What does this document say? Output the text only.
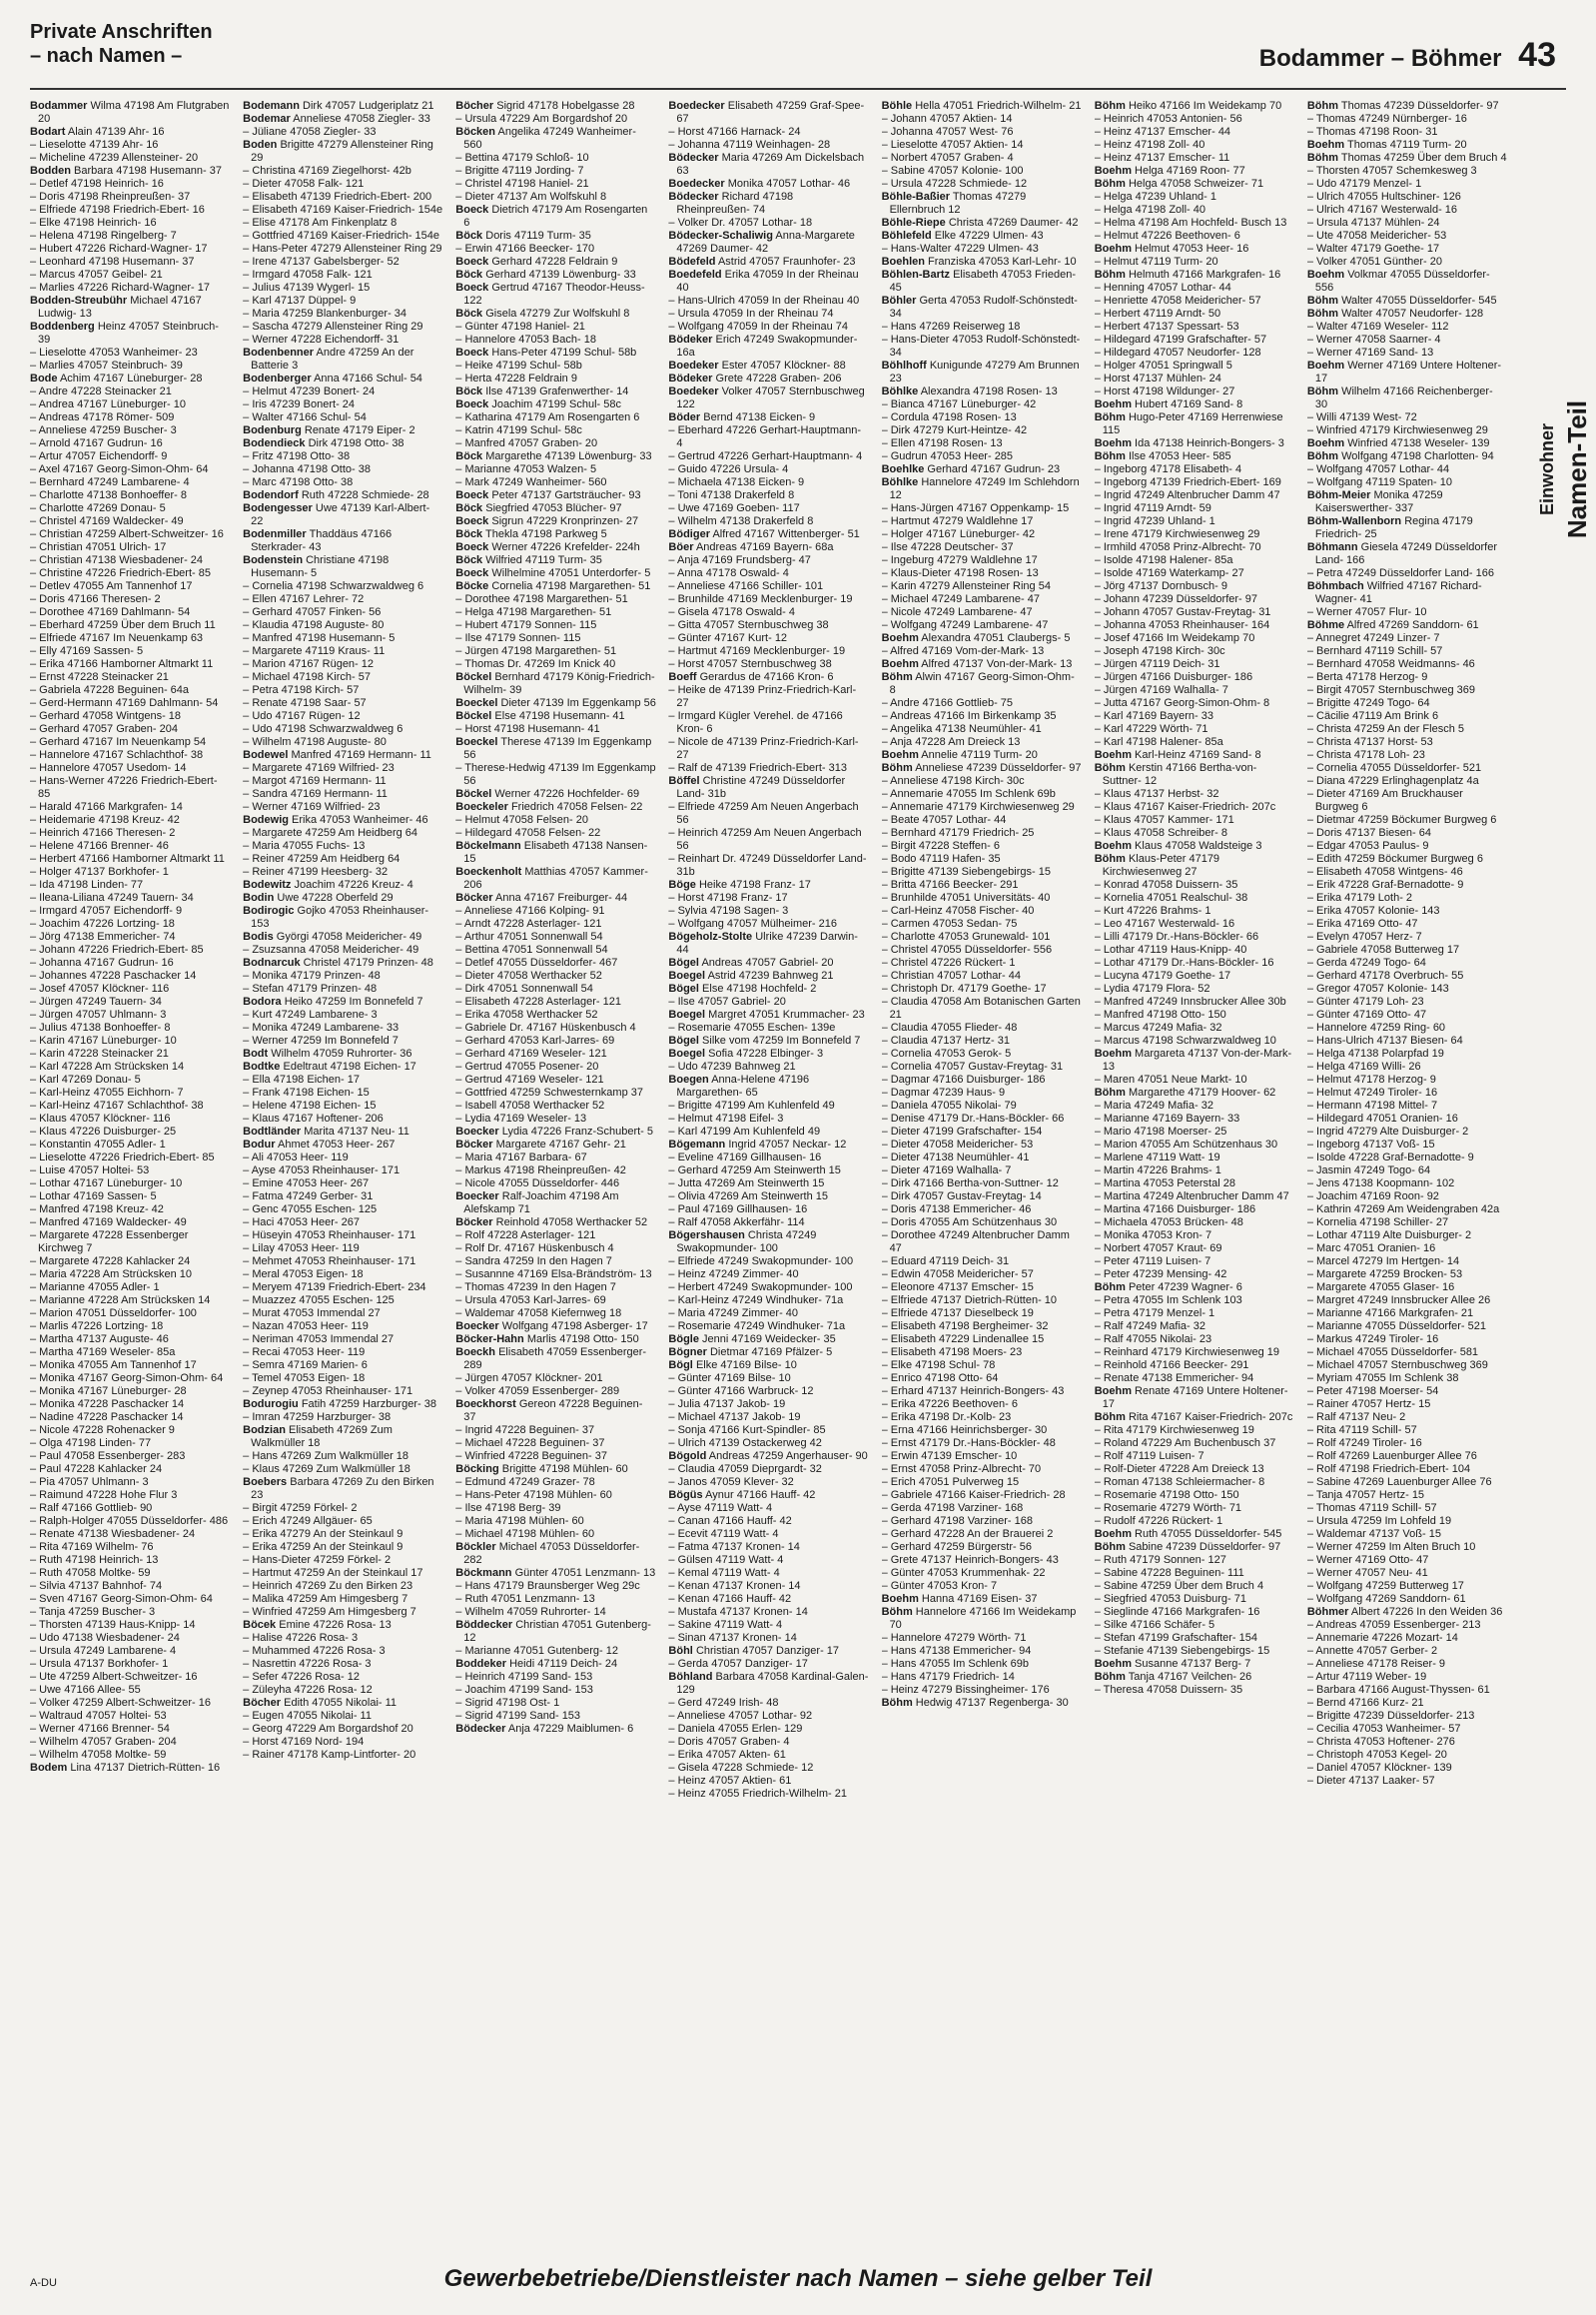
Private Anschriften
– nach Namen –	Bodammer – Böhmer 43
Bodammer Wilma 47198 Am Flutgraben 20
Bodart Alain 47139 Ahr- 16
– Lieselotte 47139 Ahr- 16
– Micheline 47239 Allensteiner- 20
Bodden Barbara 47198 Husemann- 37
– Detlef 47198 Heinrich- 16
– Doris 47198 Rheinpreußen- 37
– Elfriede 47198 Friedrich-Ebert- 16
– Elke 47198 Heinrich- 16
– Helena 47198 Ringelberg- 7
– Hubert 47226 Richard-Wagner- 17
– Leonhard 47198 Husemann- 37
– Marcus 47057 Geibel- 21
– Marlies 47226 Richard-Wagner- 17
Bodden-Streubühr Michael 47167 Ludwig- 13
Boddenberg Heinz 47057 Steinbruch- 39
– Lieselotte 47053 Wanheimer- 23
– Marlies 47057 Steinbruch- 39
Bode Achim 47167 Lüneburger- 28
– Andre 47228 Steinacker 21
– Andrea 47167 Lüneburger- 10
– Andreas 47178 Römer- 509
– Anneliese 47259 Buscher- 3
– Arnold 47167 Gudrun- 16
– Artur 47057 Eichendorff- 9
– Axel 47167 Georg-Simon-Ohm- 64
– Bernhard 47249 Lambarene- 4
– Charlotte 47138 Bonhoeffer- 8
– Charlotte 47269 Donau- 5
– Christel 47169 Waldecker- 49
– Christian 47259 Albert-Schweitzer- 16
– Christian 47051 Ulrich- 17
– Christian 47138 Wiesbadener- 24
– Christine 47226 Friedrich-Ebert- 85
– Detlev 47055 Am Tannenhof 17
– Doris 47166 Theresen- 2
– Dorothee 47169 Dahlmann- 54
– Eberhard 47259 Über dem Bruch 11
– Elfriede 47167 Im Neuenkamp 63
– Elly 47169 Sassen- 5
– Erika 47166 Hamborner Altmarkt 11
– Ernst 47228 Steinacker 21
– Gabriela 47228 Beguinen- 64a
– Gerd-Hermann 47169 Dahlmann- 54
– Gerhard 47058 Wintgens- 18
– Gerhard 47057 Graben- 204
– Gerhard 47167 Im Neuenkamp 54
– Hannelore 47167 Schlachthof- 38
– Hannelore 47057 Usedom- 14
– Hans-Werner 47226 Friedrich-Ebert- 85
– Harald 47166 Markgrafen- 14
– Heidemarie 47198 Kreuz- 42
– Heinrich 47166 Theresen- 2
– Helene 47166 Brenner- 46
– Herbert 47166 Hamborner Altmarkt 11
– Holger 47137 Borkhofer- 1
– Ida 47198 Linden- 77
– Ileana-Liliana 47249 Tauern- 34
– Irmgard 47057 Eichendorff- 9
– Joachim 47226 Lortzing- 18
– Jörg 47138 Emmericher- 74
– Johann 47226 Friedrich-Ebert- 85
– Johanna 47167 Gudrun- 16
– Johannes 47228 Paschacker 14
– Josef 47057 Klöckner- 116
– Jürgen 47249 Tauern- 34
– Jürgen 47057 Uhlmann- 3
– Julius 47138 Bonhoeffer- 8
– Karin 47167 Lüneburger- 10
– Karin 47228 Steinacker 21
– Karl 47228 Am Strücksken 14
– Karl 47269 Donau- 5
– Karl-Heinz 47055 Eichhorn- 7
– Karl-Heinz 47167 Schlachthof- 38
– Klaus 47057 Klöckner- 116
– Klaus 47226 Duisburger- 25
– Konstantin 47055 Adler- 1
– Lieselotte 47226 Friedrich-Ebert- 85
– Luise 47057 Holtei- 53
– Lothar 47167 Lüneburger- 10
– Lothar 47169 Sassen- 5
– Manfred 47198 Kreuz- 42
– Manfred 47169 Waldecker- 49
– Margarete 47228 Essenberger Kirchweg 7
– Margarete 47228 Kahlacker 24
– Maria 47228 Am Strücksken 10
– Marianne 47055 Adler- 1
– Marianne 47228 Am Strücksken 14
– Marion 47051 Düsseldorfer- 100
– Marlis 47226 Lortzing- 18
– Martha 47137 Auguste- 46
– Martha 47169 Weseler- 85a
– Monika 47055 Am Tannenhof 17
– Monika 47167 Georg-Simon-Ohm- 64
– Monika 47167 Lüneburger- 28
– Monika 47228 Paschacker 14
– Nadine 47228 Paschacker 14
– Nicole 47228 Rohenacker 9
– Olga 47198 Linden- 77
– Paul 47058 Essenberger- 283
– Paul 47228 Kahlacker 24
– Pia 47057 Uhlmann- 3
– Raimund 47228 Hohe Flur 3
– Ralf 47166 Gottlieb- 90
– Ralph-Holger 47055 Düsseldorfer- 486
– Renate 47138 Wiesbadener- 24
– Rita 47169 Wilhelm- 76
– Ruth 47198 Heinrich- 13
– Ruth 47058 Moltke- 59
– Silvia 47137 Bahnhof- 74
– Sven 47167 Georg-Simon-Ohm- 64
– Tanja 47259 Buscher- 3
– Thorsten 47139 Haus-Knipp- 14
– Udo 47138 Wiesbadener- 24
– Ursula 47249 Lambarene- 4
– Ursula 47137 Borkhofer- 1
– Ute 47259 Albert-Schweitzer- 16
– Uwe 47166 Allee- 55
– Volker 47259 Albert-Schweitzer- 16
– Waltraud 47057 Holtei- 53
– Werner 47166 Brenner- 54
– Wilhelm 47057 Graben- 204
– Wilhelm 47058 Moltke- 59
Bodem Lina 47137 Dietrich-Rütten- 16
Bodemann Dirk 47057 Ludgeriplatz 21
Bodemar Anneliese 47058 Ziegler- 33
– Jüliane 47058 Ziegler- 33
Boden Brigitte 47279 Allensteiner Ring 29
– Christina 47169 Ziegelhorst- 42b
– Dieter 47058 Falk- 121
– Elisabeth 47139 Friedrich-Ebert- 200
– Elisabeth 47169 Kaiser-Friedrich- 154e
– Elise 47178 Am Finkenplatz 8
– Gottfried 47169 Kaiser-Friedrich- 154e
– Hans-Peter 47279 Allensteiner Ring 29
– Irene 47137 Gabelsberger- 52
– Irmgard 47058 Falk- 121
– Julius 47139 Wygerl- 15
– Karl 47137 Düppel- 9
– Maria 47259 Blankenburger- 34
– Sascha 47279 Allensteiner Ring 29
– Werner 47228 Eichendorff- 31
Bodenbenner Andre 47259 An der Batterie 3
Bodenberger Anna 47166 Schul- 54
– Helmut 47239 Bonert- 24
– Iris 47239 Bonert- 24
– Walter 47166 Schul- 54
Bodenburg Renate 47179 Eiper- 2
Bodendieck Dirk 47198 Otto- 38
– Fritz 47198 Otto- 38
– Johanna 47198 Otto- 38
– Marc 47198 Otto- 38
Bodendorf Ruth 47228 Schmiede- 28
Bodengesser Uwe 47139 Karl-Albert- 22
Bodenmiller Thaddäus 47166 Sterkrader- 43
Bodenstein Christiane 47198 Husemann- 5
– Cornelia 47198 Schwarzwaldweg 6
– Ellen 47167 Lehrer- 72
– Gerhard 47057 Finken- 56
– Klaudia 47198 Auguste- 80
– Manfred 47198 Husemann- 5
– Margarete 47119 Kraus- 11
– Marion 47167 Rügen- 12
– Michael 47198 Kirch- 57
– Petra 47198 Kirch- 57
– Renate 47198 Saar- 57
– Udo 47167 Rügen- 12
– Udo 47198 Schwarzwaldweg 6
– Wilhelm 47198 Auguste- 80
Bodewel Manfred 47169 Hermann- 11
– Margarete 47169 Wilfried- 23
– Margot 47169 Hermann- 11
– Sandra 47169 Hermann- 11
– Werner 47169 Wilfried- 23
Bodewig Erika 47053 Wanheimer- 46
– Margarete 47259 Am Heidberg 64
– Maria 47055 Fuchs- 13
– Reiner 47259 Am Heidberg 64
– Reiner 47199 Heesberg- 32
Bodewitz Joachim 47226 Kreuz- 4
Bodin Uwe 47228 Oberfeld 29
Bodirogic Gojko 47053 Rheinhauser- 153
Bodis Györgi 47058 Meidericher- 49
– Zsuzsanna 47058 Meidericher- 49
Bodnarcuk Christel 47179 Prinzen- 48
– Monika 47179 Prinzen- 48
– Stefan 47179 Prinzen- 48
Bodora Heiko 47259 Im Bonnefeld 7
– Kurt 47249 Lambarene- 3
– Monika 47249 Lambarene- 33
– Werner 47259 Im Bonnefeld 7
Bodt Wilhelm 47059 Ruhrorter- 36
Bodtke Edeltraut 47198 Eichen- 17
– Ella 47198 Eichen- 17
– Frank 47198 Eichen- 15
– Helene 47198 Eichen- 15
– Klaus 47167 Hoftener- 206
Bodtländer Marita 47137 Neu- 11
Bodur Ahmet 47053 Heer- 267
– Ali 47053 Heer- 119
– Ayse 47053 Rheinhauser- 171
– Emine 47053 Heer- 267
– Fatma 47249 Gerber- 31
– Genc 47055 Eschen- 125
– Haci 47053 Heer- 267
– Hüseyin 47053 Rheinhauser- 171
– Lilay 47053 Heer- 119
– Mehmet 47053 Rheinhauser- 171
– Meral 47053 Eigen- 18
– Meryem 47139 Friedrich-Ebert- 234
– Muazzez 47055 Eschen- 125
– Murat 47053 Immendal 27
– Nazan 47053 Heer- 119
– Neriman 47053 Immendal 27
– Recai 47053 Heer- 119
– Semra 47169 Marien- 6
– Temel 47053 Eigen- 18
– Zeynep 47053 Rheinhauser- 171
Bodurogiu Fatih 47259 Harzburger- 38
– Imran 47259 Harzburger- 38
Bodzian Elisabeth 47269 Zum Walkmüller 18
– Hans 47269 Zum Walkmüller 18
– Klaus 47269 Zum Walkmüller 18
Boebers Barbara 47269 Zu den Birken 23
– Birgit 47259 Förkel- 2
– Erich 47249 Allgäuer- 65
– Erika 47279 An der Steinkaul 9
– Erika 47259 An der Steinkaul 9
– Hans-Dieter 47259 Förkel- 2
– Hartmut 47259 An der Steinkaul 17
– Heinrich 47269 Zu den Birken 23
– Malika 47259 Am Himgesberg 7
– Winfried 47259 Am Himgesberg 7
Böcek Emine 47226 Rosa- 13
– Halise 47226 Rosa- 3
– Muhammed 47226 Rosa- 3
– Nasrettin 47226 Rosa- 3
– Sefer 47226 Rosa- 12
– Züleyha 47226 Rosa- 12
Böcher Edith 47055 Nikolai- 11
– Eugen 47055 Nikolai- 11
– Georg 47229 Am Borgardshof 20
– Horst 47169 Nord- 194
– Rainer 47178 Kamp-Lintforter- 20
Böcher Sigrid 47178 Hobelgasse 28
– Ursula 47229 Am Borgardshof 20
Böcken Angelika 47249 Wanheimer- 560
– Bettina 47179 Schloß- 10
– Brigitte 47119 Jording- 7
– Christel 47198 Haniel- 21
– Dieter 47137 Am Wolfskuhl 8
Boeck Dietrich 47179 Am Rosengarten 6
Böck Doris 47119 Turm- 35
– Erwin 47166 Beecker- 170
Boeck Gerhard 47228 Feldrain 9
Böck Gerhard 47139 Löwenburg- 33
Boeck Gertrud 47167 Theodor-Heuss- 122
Böck Gisela 47279 Zur Wolfskuhl 8
– Günter 47198 Haniel- 21
– Hannelore 47053 Bach- 18
Boeck Hans-Peter 47199 Schul- 58b
– Heike 47199 Schul- 58b
– Herta 47228 Feldrain 9
Böck Ilse 47139 Grafenwerther- 14
Boeck Joachim 47199 Schul- 58c
– Katharina 47179 Am Rosengarten 6
– Katrin 47199 Schul- 58c
– Manfred 47057 Graben- 20
Böck Margarethe 47139 Löwenburg- 33
– Marianne 47053 Walzen- 5
– Mark 47249 Wanheimer- 560
Boeck Peter 47137 Gartsträucher- 93
Böck Siegfried 47053 Blücher- 97
Boeck Sigrun 47229 Kronprinzen- 27
Böck Thekla 47198 Parkweg 5
Boeck Werner 47226 Krefelder- 224h
Böck Wilfried 47119 Turm- 35
Boeck Wilhelmine 47051 Unterdorfer- 5
Böcke Cornelia 47198 Margarethen- 51
– Dorothee 47198 Margarethen- 51
– Helga 47198 Margarethen- 51
– Hubert 47179 Sonnen- 115
– Ilse 47179 Sonnen- 115
– Jürgen 47198 Margarethen- 51
– Thomas Dr. 47269 Im Knick 40
Böckel Bernhard 47179 König-Friedrich-Wilhelm- 39
Boeckel Dieter 47139 Im Eggenkamp 56
Böckel Else 47198 Husemann- 41
– Horst 47198 Husemann- 41
Boeckel Therese 47139 Im Eggenkamp 56
– Therese-Hedwig 47139 Im Eggenkamp 56
Böckel Werner 47226 Hochfelder- 69
Boeckeler Friedrich 47058 Felsen- 22
– Helmut 47058 Felsen- 20
– Hildegard 47058 Felsen- 22
Böckelmann Elisabeth 47138 Nansen- 15
Boeckenholt Matthias 47057 Kammer- 206
Böcker Anna 47167 Freiburger- 44
– Anneliese 47166 Kolping- 91
– Arndt 47228 Asterlager- 121
– Arthur 47051 Sonnenwall 54
– Bettina 47051 Sonnenwall 54
– Detlef 47055 Düsseldorfer- 467
– Dieter 47058 Werthacker 52
– Dirk 47051 Sonnenwall 54
– Elisabeth 47228 Asterlager- 121
– Erika 47058 Werthacker 52
– Gabriele Dr. 47167 Hüskenbusch 4
– Gerhard 47053 Karl-Jarres- 69
– Gerhard 47169 Weseler- 121
– Gertrud 47055 Posener- 20
– Gertrud 47169 Weseler- 121
– Gottfried 47259 Schwesternkamp 37
– Isabell 47058 Werthacker 52
– Lydia 47169 Weseler- 13
Boecker Lydia 47226 Franz-Schubert- 5
Böcker Margarete 47167 Gehr- 21
– Maria 47167 Barbara- 67
– Markus 47198 Rheinpreußen- 42
– Nicole 47055 Düsseldorfer- 446
Boecker Ralf-Joachim 47198 Am Alefskamp 71
Böcker Reinhold 47058 Werthacker 52
– Rolf 47228 Asterlager- 121
– Rolf Dr. 47167 Hüskenbusch 4
– Sandra 47259 In den Hagen 7
– Susannne 47169 Elsa-Brändström- 13
– Thomas 47239 In den Hagen 7
– Ursula 47053 Karl-Jarres- 69
– Waldemar 47058 Kiefernweg 18
Boecker Wolfgang 47198 Asberger- 17
Böcker-Hahn Marlis 47198 Otto- 150
Boeckh Elisabeth 47059 Essenberger- 289
– Jürgen 47057 Klöckner- 201
– Volker 47059 Essenberger- 289
Boeckhorst Gereon 47228 Beguinen- 37
– Ingrid 47228 Beguinen- 37
– Michael 47228 Beguinen- 37
– Winfried 47228 Beguinen- 37
Böcking Brigitte 47198 Mühlen- 60
– Edmund 47249 Grazer- 78
– Hans-Peter 47198 Mühlen- 60
– Ilse 47198 Berg- 39
– Maria 47198 Mühlen- 60
– Michael 47198 Mühlen- 60
Böckler Michael 47053 Düsseldorfer- 282
Böckmann Günter 47051 Lenzmann- 13
– Hans 47179 Braunsberger Weg 29c
– Ruth 47051 Lenzmann- 13
– Wilhelm 47059 Ruhrorter- 14
Böddecker Christian 47051 Gutenberg- 12
– Marianne 47051 Gutenberg- 12
Boddeker Heidi 47119 Deich- 24
– Heinrich 47199 Sand- 153
– Joachim 47199 Sand- 153
– Sigrid 47198 Ost- 1
– Sigrid 47199 Sand- 153
Bödecker Anja 47229 Maiblumen- 6
Boedecker Elisabeth 47259 Graf-Spee- 67
– Horst 47166 Harnack- 24
– Johanna 47119 Weinhagen- 28
Bödecker Maria 47269 Am Dickelsbach 63
Boedecker Monika 47057 Lothar- 46
Bödecker Richard 47198 Rheinpreußen- 74
– Volker Dr. 47057 Lothar- 18
Bödecker-Schaliwig Anna-Margarete 47269 Daumer- 42
Bödefeld Astrid 47057 Fraunhofer- 23
Boedefeld Erika 47059 In der Rheinau 40
– Hans-Ulrich 47059 In der Rheinau 40
– Ursula 47059 In der Rheinau 74
– Wolfgang 47059 In der Rheinau 74
Bödeker Erich 47249 Swakopmunder- 16a
Boedeker Ester 47057 Klöckner- 88
Bödeker Grete 47228 Graben- 206
Boedeker Volker 47057 Sternbuschweg 122
Böder Bernd 47138 Eicken- 9
– Eberhard 47226 Gerhart-Hauptmann- 4
– Gertrud 47226 Gerhart-Hauptmann- 4
– Guido 47226 Ursula- 4
– Michaela 47138 Eicken- 9
– Toni 47138 Drakerfeld 8
– Uwe 47169 Goeben- 117
– Wilhelm 47138 Drakerfeld 8
Bödiger Alfred 47167 Wittenberger- 51
Böer Andreas 47169 Bayern- 68a
– Anja 47169 Frundsberg- 47
– Anna 47178 Oswald- 4
– Anneliese 47166 Schiller- 101
– Brunhilde 47169 Mecklenburger- 19
– Gisela 47178 Oswald- 4
– Gitta 47057 Sternbuschweg 38
– Günter 47167 Kurt- 12
– Hartmut 47169 Mecklenburger- 19
– Horst 47057 Sternbuschweg 38
Boeff Gerardus de 47166 Kron- 6
– Heike de 47139 Prinz-Friedrich-Karl- 27
– Irmgard Kügler Verehel. de 47166 Kron- 6
– Nicole de 47139 Prinz-Friedrich-Karl- 27
– Ralf de 47139 Friedrich-Ebert- 313
Böffel Christine 47249 Düsseldorfer Land- 31b
– Elfriede 47259 Am Neuen Angerbach 56
– Heinrich 47259 Am Neuen Angerbach 56
– Reinhart Dr. 47249 Düsseldorfer Land- 31b
Böge Heike 47198 Franz- 17
– Horst 47198 Franz- 17
– Sylvia 47198 Sagen- 3
– Wolfgang 47057 Mülheimer- 216
Bögeholz-Stolte Ulrike 47239 Darwin- 44
Bögel Andreas 47057 Gabriel- 20
Boegel Astrid 47239 Bahnweg 21
Bögel Else 47198 Hochfeld- 2
– Ilse 47057 Gabriel- 20
Boegel Margret 47051 Krummacher- 23
– Rosemarie 47055 Eschen- 139e
Bögel Silke vom 47259 Im Bonnefeld 7
Boegel Sofia 47228 Elbinger- 3
– Udo 47239 Bahnweg 21
Boegen Anna-Helene 47196 Margarethen- 65
– Brigitte 47199 Am Kuhlenfeld 49
– Helmut 47198 Eifel- 3
– Karl 47199 Am Kuhlenfeld 49
Bögemann Ingrid 47057 Neckar- 12
– Eveline 47169 Gillhausen- 16
– Gerhard 47259 Am Steinwerth 15
– Jutta 47269 Am Steinwerth 15
– Olivia 47269 Am Steinwerth 15
– Paul 47169 Gillhausen- 16
– Ralf 47058 Akkerfähr- 114
Bögershausen Christa 47249 Swakopmunder- 100
– Elfriede 47249 Swakopmunder- 100
– Heinz 47249 Zimmer- 40
– Herbert 47249 Swakopmunder- 100
– Karl-Heinz 47249 Windhuker- 71a
– Maria 47249 Zimmer- 40
– Rosemarie 47249 Windhuker- 71a
Bögle Jenni 47169 Weidecker- 35
Bögner Dietmar 47169 Pfälzer- 5
Bögl Elke 47169 Bilse- 10
– Günter 47169 Bilse- 10
– Günter 47166 Warbruck- 12
– Julia 47137 Jakob- 19
– Michael 47137 Jakob- 19
– Sonja 47166 Kurt-Spindler- 85
– Ulrich 47139 Ostackerweg 42
Bögold Andreas 47259 Angerhauser- 90
– Claudia 47059 Dieprgardt- 32
– Janos 47059 Klever- 32
Bögüs Aynur 47166 Hauff- 42
– Ayse 47119 Watt- 4
– Canan 47166 Hauff- 42
– Ecevit 47119 Watt- 4
– Fatma 47137 Kronen- 14
– Gülsen 47119 Watt- 4
– Kemal 47119 Watt- 4
– Kenan 47137 Kronen- 14
– Kenan 47166 Hauff- 42
– Mustafa 47137 Kronen- 14
– Sakine 47119 Watt- 4
– Sinan 47137 Kronen- 14
Böhl Christian 47057 Danziger- 17
– Gerda 47057 Danziger- 17
Böhland Barbara 47058 Kardinal-Galen- 129
– Gerd 47249 Irish- 48
– Anneliese 47057 Lothar- 92
– Daniela 47055 Erlen- 129
– Doris 47057 Graben- 4
– Erika 47057 Akten- 61
– Gisela 47228 Schmiede- 12
– Heinz 47057 Aktien- 61
– Heinz 47055 Friedrich-Wilhelm- 21
Böhle Hella 47051 Friedrich-Wilhelm- 21
– Johann 47057 Aktien- 14
– Johanna 47057 West- 76
– Lieselotte 47057 Aktien- 14
– Norbert 47057 Graben- 4
– Sabine 47057 Kolonie- 100
– Ursula 47228 Schmiede- 12
Böhle-Baßier Thomas 47279 Ellernbruch 12
Böhle-Riepe Christa 47269 Daumer- 42
Böhlefeld Elke 47229 Ulmen- 43
– Hans-Walter 47229 Ulmen- 43
Boehlen Franziska 47053 Karl-Lehr- 10
Böhlen-Bartz Elisabeth 47053 Frieden- 45
Böhler Gerta 47053 Rudolf-Schönstedt- 34
– Hans 47269 Reiserweg 18
– Hans-Dieter 47053 Rudolf-Schönstedt- 34
Böhlhoff Kunigunde 47279 Am Brunnen 23
Böhlke Alexandra 47198 Rosen- 13
– Bianca 47167 Lüneburger- 42
– Cordula 47198 Rosen- 13
– Dirk 47279 Kurt-Heintze- 42
– Ellen 47198 Rosen- 13
– Gudrun 47053 Heer- 285
Boehlke Gerhard 47167 Gudrun- 23
Böhlke Hannelore 47249 Im Schlehdorn 12
– Hans-Jürgen 47167 Oppenkamp- 15
– Hartmut 47279 Waldlehne 17
– Holger 47167 Lüneburger- 42
– Ilse 47228 Deutscher- 37
– Ingeburg 47279 Waldlehne 17
– Klaus-Dieter 47198 Rosen- 13
– Karin 47279 Allensteiner Ring 54
– Michael 47249 Lambarene- 47
– Nicole 47249 Lambarene- 47
– Wolfgang 47249 Lambarene- 47
Boehm Alexandra 47051 Claubergs- 5
– Alfred 47169 Vom-der-Mark- 13
Boehm Alfred 47137 Von-der-Mark- 13
Böhm Alwin 47167 Georg-Simon-Ohm- 8
– Andre 47166 Gottlieb- 75
– Andreas 47166 Im Birkenkamp 35
– Angelika 47138 Neumühler- 41
– Anja 47228 Am Dreieck 13
Boehm Annelie 47119 Turm- 20
Böhm Anneliese 47239 Düsseldorfer- 97
– Anneliese 47198 Kirch- 30c
– Annemarie 47055 Im Schlenk 69b
– Annemarie 47179 Kirchwiesenweg 29
– Beate 47057 Lothar- 44
– Bernhard 47179 Friedrich- 25
– Birgit 47228 Steffen- 6
– Bodo 47119 Hafen- 35
– Brigitte 47139 Siebengebirgs- 15
– Britta 47166 Beecker- 291
– Brunhilde 47051 Universitäts- 40
– Carl-Heinz 47058 Fischer- 40
– Carmen 47053 Sedan- 75
– Charlotte 47053 Grunewald- 101
– Christel 47055 Düsseldorfer- 556
– Christel 47226 Rückert- 1
– Christian 47057 Lothar- 44
– Christoph Dr. 47179 Goethe- 17
– Claudia 47058 Am Botanischen Garten 21
– Claudia 47055 Flieder- 48
– Claudia 47137 Hertz- 31
– Cornelia 47053 Gerok- 5
– Cornelia 47057 Gustav-Freytag- 31
– Dagmar 47166 Duisburger- 186
– Dagmar 47239 Haus- 9
– Daniela 47055 Nikolai- 79
– Denise 47179 Dr.-Hans-Böckler- 66
– Dieter 47199 Grafschafter- 154
– Dieter 47058 Meidericher- 53
– Dieter 47138 Neumühler- 41
– Dieter 47169 Walhalla- 7
– Dirk 47166 Bertha-von-Suttner- 12
– Dirk 47057 Gustav-Freytag- 14
– Doris 47138 Emmericher- 46
– Doris 47055 Am Schützenhaus 30
– Dorothee 47249 Altenbrucher Damm 47
– Eduard 47119 Deich- 31
– Edwin 47058 Meidericher- 57
– Eleonore 47137 Emscher- 15
– Elfriede 47137 Dietrich-Rütten- 10
– Elfriede 47137 Dieselbeck 19
– Elisabeth 47198 Bergheimer- 32
– Elisabeth 47229 Lindenallee 15
– Elisabeth 47198 Moers- 23
– Elke 47198 Schul- 78
– Enrico 47198 Otto- 64
– Erhard 47137 Heinrich-Bongers- 43
– Erika 47226 Beethoven- 6
– Erika 47198 Dr.-Kolb- 23
– Erna 47166 Heinrichsberger- 30
– Ernst 47179 Dr.-Hans-Böckler- 48
– Erwin 47139 Emscher- 10
– Ernst 47058 Prinz-Albrecht- 70
– Erich 47051 Pulverweg 15
– Gabriele 47166 Kaiser-Friedrich- 28
– Gerda 47198 Varziner- 168
– Gerhard 47198 Varziner- 168
– Gerhard 47228 An der Brauerei 2
– Gerhard 47259 Bürgerstr- 56
– Grete 47137 Heinrich-Bongers- 43
– Günter 47053 Krummenhak- 22
– Günter 47053 Kron- 7
Boehm Hanna 47169 Eisen- 37
Böhm Hannelore 47166 Im Weidekamp 70
– Hannelore 47279 Wörth- 71
– Hans 47138 Emmericher- 94
– Hans 47055 Im Schlenk 69b
– Hans 47179 Friedrich- 14
– Heinz 47279 Bissingheimer- 176
Böhm Hedwig 47137 Regenberga- 30
Böhm Heiko 47166 Im Weidekamp 70
– Heinrich 47053 Antonien- 56
– Heinz 47137 Emscher- 44
– Heinz 47198 Zoll- 40
– Heinz 47137 Emscher- 11
Boehm Helga 47169 Roon- 77
Böhm Helga 47058 Schweizer- 71
– Helga 47239 Uhland- 1
– Helga 47198 Zoll- 40
– Helma 47198 Am Hochfeld- Busch 13
– Helmut 47226 Beethoven- 6
Boehm Helmut 47053 Heer- 16
– Helmut 47119 Turm- 20
Böhm Helmuth 47166 Markgrafen- 16
– Henning 47057 Lothar- 44
– Henriette 47058 Meidericher- 57
– Herbert 47119 Arndt- 50
– Herbert 47137 Spessart- 53
– Hildegard 47199 Grafschafter- 57
– Hildegard 47057 Neudorfer- 128
– Holger 47051 Springwall 5
– Horst 47137 Mühlen- 24
– Horst 47198 Wildunger- 27
Boehm Hubert 47169 Sand- 8
Böhm Hugo-Peter 47169 Herrenwiese 115
Boehm Ida 47138 Heinrich-Bongers- 3
Böhm Ilse 47053 Heer- 585
– Ingeborg 47178 Elisabeth- 4
– Ingeborg 47139 Friedrich-Ebert- 169
– Ingrid 47249 Altenbrucher Damm 47
– Ingrid 47119 Arndt- 59
– Ingrid 47239 Uhland- 1
– Irene 47179 Kirchwiesenweg 29
– Irmhild 47058 Prinz-Albrecht- 70
– Isolde 47198 Halener- 85a
– Isolde 47169 Waterkamp- 27
– Jörg 47137 Dornbusch- 9
– Johann 47239 Düsseldorfer- 97
– Johann 47057 Gustav-Freytag- 31
– Johanna 47053 Rheinhauser- 164
– Josef 47166 Im Weidekamp 70
– Joseph 47198 Kirch- 30c
– Jürgen 47119 Deich- 31
– Jürgen 47166 Duisburger- 186
– Jürgen 47169 Walhalla- 7
– Jutta 47167 Georg-Simon-Ohm- 8
– Karl 47169 Bayern- 33
– Karl 47229 Wörth- 71
– Karl 47198 Halener- 85a
Boehm Karl-Heinz 47169 Sand- 8
Böhm Kerstin 47166 Bertha-von-Suttner- 12
– Klaus 47137 Herbst- 32
– Klaus 47167 Kaiser-Friedrich- 207c
– Klaus 47057 Kammer- 171
– Klaus 47058 Schreiber- 8
Boehm Klaus 47058 Waldsteige 3
Böhm Klaus-Peter 47179 Kirchwiesenweg 27
– Konrad 47058 Duissern- 35
– Kornelia 47051 Realschul- 38
– Kurt 47226 Brahms- 1
– Leo 47167 Westerwald- 16
– Lilli 47179 Dr.-Hans-Böckler- 66
– Lothar 47119 Haus-Knipp- 40
– Lothar 47179 Dr.-Hans-Böckler- 16
– Lucyna 47179 Goethe- 17
– Lydia 47179 Flora- 52
– Manfred 47249 Innsbrucker Allee 30b
– Manfred 47198 Otto- 150
– Marcus 47249 Mafia- 32
– Marcus 47198 Schwarzwaldweg 10
Boehm Margareta 47137 Von-der-Mark- 13
– Maren 47051 Neue Markt- 10
Böhm Margarethe 47179 Hoover- 62
– Maria 47249 Mafia- 32
– Marianne 47169 Bayern- 33
– Mario 47198 Moerser- 25
– Marion 47055 Am Schützenhaus 30
– Marlene 47119 Watt- 19
– Martin 47226 Brahms- 1
– Martina 47053 Peterstal 28
– Martina 47249 Altenbrucher Damm 47
– Martina 47166 Duisburger- 186
– Michaela 47053 Brücken- 48
– Monika 47053 Kron- 7
– Norbert 47057 Kraut- 69
– Peter 47119 Luisen- 7
– Peter 47239 Mensing- 42
Böhm Peter 47239 Wagner- 6
– Petra 47055 Im Schlenk 103
– Petra 47179 Menzel- 1
– Ralf 47249 Mafia- 32
– Ralf 47055 Nikolai- 23
– Reinhard 47179 Kirchwiesenweg 19
– Reinhold 47166 Beecker- 291
– Renate 47138 Emmericher- 94
Boehm Renate 47169 Untere Holtener- 17
Böhm Rita 47167 Kaiser-Friedrich- 207c
– Rita 47179 Kirchwiesenweg 19
– Roland 47229 Am Buchenbusch 37
– Rolf 47119 Luisen- 7
– Rolf-Dieter 47228 Am Dreieck 13
– Roman 47138 Schleiermacher- 8
– Rosemarie 47198 Otto- 150
– Rosemarie 47279 Wörth- 71
– Rudolf 47226 Rückert- 1
Boehm Ruth 47055 Düsseldorfer- 545
Böhm Sabine 47239 Düsseldorfer- 97
– Ruth 47179 Sonnen- 127
– Sabine 47228 Beguinen- 111
– Sabine 47259 Über dem Bruch 4
– Siegfried 47053 Duisburg- 71
– Sieglinde 47166 Markgrafen- 16
– Silke 47166 Schäfer- 5
– Stefan 47199 Grafschafter- 154
– Stefanie 47139 Siebengebirgs- 15
Boehm Susanne 47137 Berg- 7
Böhm Tanja 47167 Veilchen- 26
– Theresa 47058 Duissern- 35
Böhm Thomas 47239 Düsseldorfer- 97
– Thomas 47249 Nürnberger- 16
– Thomas 47198 Roon- 31
Boehm Thomas 47119 Turm- 20
Böhm Thomas 47259 Über dem Bruch 4
– Thorsten 47057 Schemkesweg 3
– Udo 47179 Menzel- 1
– Ulrich 47055 Hultschiner- 126
– Ulrich 47167 Westerwald- 16
– Ursula 47137 Mühlen- 24
– Ute 47058 Meidericher- 53
– Walter 47179 Goethe- 17
– Volker 47051 Günther- 20
Boehm Volkmar 47055 Düsseldorfer- 556
Böhm Walter 47055 Düsseldorfer- 545
Böhm Walter 47057 Neudorfer- 128
– Walter 47169 Weseler- 112
– Werner 47058 Saarner- 4
– Werner 47169 Sand- 13
Boehm Werner 47169 Untere Holtener- 17
Böhm Wilhelm 47166 Reichenberger- 30
– Willi 47139 West- 72
– Winfried 47179 Kirchwiesenweg 29
Boehm Winfried 47138 Weseler- 139
Böhm Wolfgang 47198 Charlotten- 94
– Wolfgang 47057 Lothar- 44
– Wolfgang 47119 Spaten- 10
Böhm-Meier Monika 47259 Kaiserswerther- 337
Böhm-Wallenborn Regina 47179 Friedrich- 25
Böhmann Giesela 47249 Düsseldorfer Land- 166
– Petra 47249 Düsseldorfer Land- 166
Böhmbach Wilfried 47167 Richard-Wagner- 41
– Werner 47057 Flur- 10
Böhme Alfred 47269 Sanddorn- 61
– Annegret 47249 Linzer- 7
– Bernhard 47119 Schill- 57
– Bernhard 47058 Weidmanns- 46
– Berta 47178 Herzog- 9
– Birgit 47057 Sternbuschweg 369
– Brigitte 47249 Togo- 64
– Cäcilie 47119 Am Brink 6
– Christa 47259 An der Flesch 5
– Christa 47137 Horst- 53
– Christa 47178 Loh- 23
– Cornelia 47055 Düsseldorfer- 521
– Diana 47229 Erlinghagenplatz 4a
– Dieter 47169 Am Bruckhauser Burgweg 6
– Dietmar 47259 Böckumer Burgweg 6
– Doris 47137 Biesen- 64
– Edgar 47053 Paulus- 9
– Edith 47259 Böckumer Burgweg 6
– Elisabeth 47058 Wintgens- 46
– Erik 47228 Graf-Bernadotte- 9
– Erika 47179 Loth- 2
– Erika 47057 Kolonie- 143
– Erika 47169 Otto- 47
– Evelyn 47057 Herz- 7
– Gabriele 47058 Butterweg 17
– Gerda 47249 Togo- 64
– Gerhard 47178 Overbruch- 55
– Gregor 47057 Kolonie- 143
– Günter 47179 Loh- 23
– Günter 47169 Otto- 47
– Hannelore 47259 Ring- 60
– Hans-Ulrich 47137 Biesen- 64
– Helga 47138 Polarpfad 19
– Helga 47169 Willi- 26
– Helmut 47178 Herzog- 9
– Helmut 47249 Tiroler- 16
– Hermann 47198 Mittel- 7
– Hildegard 47051 Oranien- 16
– Ingrid 47279 Alte Duisburger- 2
– Ingeborg 47137 Voß- 15
– Isolde 47228 Graf-Bernadotte- 9
– Jasmin 47249 Togo- 64
– Jens 47138 Koopmann- 102
– Joachim 47169 Roon- 92
– Kathrin 47269 Am Weidengraben 42a
– Kornelia 47198 Schiller- 27
– Lothar 47119 Alte Duisburger- 2
– Marc 47051 Oranien- 16
– Marcel 47279 Im Hertgen- 14
– Margarete 47259 Brocken- 53
– Margarete 47055 Glaser- 16
– Margret 47249 Innsbrucker Allee 26
– Marianne 47166 Markgrafen- 21
– Marianne 47055 Düsseldorfer- 521
– Markus 47249 Tiroler- 16
– Michael 47055 Düsseldorfer- 581
– Michael 47057 Sternbuschweg 369
– Myriam 47055 Im Schlenk 38
– Peter 47198 Moerser- 54
– Rainer 47057 Hertz- 15
– Ralf 47137 Neu- 2
– Rita 47119 Schill- 57
– Rolf 47249 Tiroler- 16
– Rolf 47269 Lauenburger Allee 76
– Rolf 47198 Friedrich-Ebert- 104
– Sabine 47269 Lauenburger Allee 76
– Tanja 47057 Hertz- 15
– Thomas 47119 Schill- 57
– Ursula 47259 Im Lohfeld 19
– Waldemar 47137 Voß- 15
– Werner 47259 Im Alten Bruch 10
– Werner 47169 Otto- 47
– Werner 47057 Neu- 41
– Wolfgang 47259 Butterweg 17
– Wolfgang 47269 Sanddorn- 61
Böhmer Albert 47226 In den Weiden 36
– Andreas 47059 Essenberger- 213
– Annemarie 47226 Mozart- 14
– Annette 47057 Gerber- 2
– Anneliese 47178 Reiser- 9
– Artur 47119 Weber- 19
– Barbara 47166 August-Thyssen- 61
– Bernd 47166 Kurz- 21
– Brigitte 47239 Düsseldorfer- 213
– Cecilia 47053 Wanheimer- 57
– Christa 47053 Hoftener- 276
– Christoph 47053 Kegel- 20
– Daniel 47057 Klöckner- 139
– Dieter 47137 Laaker- 57
Einwohner Namen-Teil
A-DU	Gewerbebetriebe/Dienstleister nach Namen – siehe gelber Teil
